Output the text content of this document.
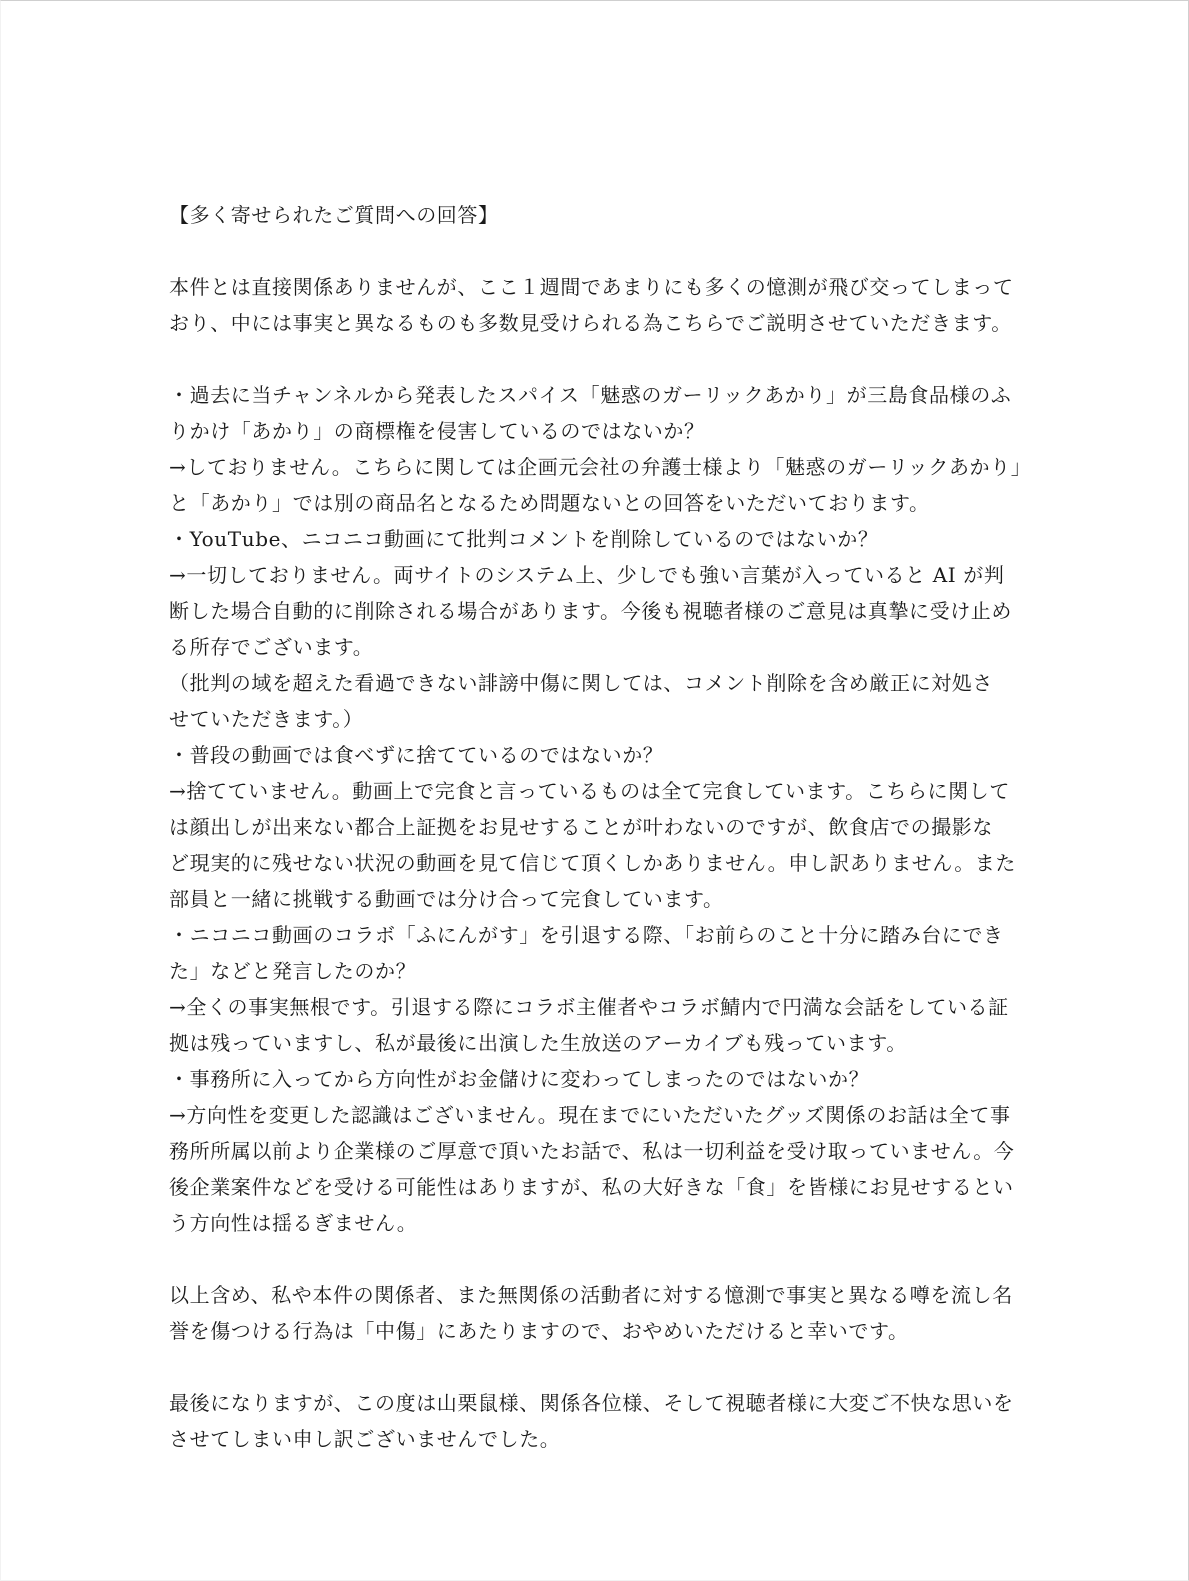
【多く寄せられたご質問への回答】
本件とは直接関係ありませんが、ここ１週間であまりにも多くの憶測が飛び交ってしまって
おり、中には事実と異なるものも多数見受けられる為こちらでご説明させていただきます。
・過去に当チャンネルから発表したスパイス「魅惑のガーリックあかり」が三島食品様のふ
りかけ「あかり」の商標権を侵害しているのではないか？
→しておりません。こちらに関しては企画元会社の弁護士様より「魅惑のガーリックあかり」
と「あかり」では別の商品名となるため問題ないとの回答をいただいております。
・YouTube、ニコニコ動画にて批判コメントを削除しているのではないか？
→一切しておりません。両サイトのシステム上、少しでも強い言葉が入っていると AI が判
断した場合自動的に削除される場合があります。今後も視聴者様のご意見は真摯に受け止め
る所存でございます。
（批判の域を超えた看過できない誹謗中傷に関しては、コメント削除を含め厳正に対処さ
せていただきます。）
・普段の動画では食べずに捨てているのではないか？
→捨てていません。動画上で完食と言っているものは全て完食しています。こちらに関して
は顔出しが出来ない都合上証拠をお見せすることが叶わないのですが、飲食店での撮影な
ど現実的に残せない状況の動画を見て信じて頂くしかありません。申し訳ありません。また
部員と一緒に挑戦する動画では分け合って完食しています。
・ニコニコ動画のコラボ「ふにんがす」を引退する際、「お前らのこと十分に踏み台にでき
た」などと発言したのか？
→全くの事実無根です。引退する際にコラボ主催者やコラボ鯖内で円満な会話をしている証
拠は残っていますし、私が最後に出演した生放送のアーカイブも残っています。
・事務所に入ってから方向性がお金儲けに変わってしまったのではないか？
→方向性を変更した認識はございません。現在までにいただいたグッズ関係のお話は全て事
務所所属以前より企業様のご厚意で頂いたお話で、私は一切利益を受け取っていません。今
後企業案件などを受ける可能性はありますが、私の大好きな「食」を皆様にお見せするとい
う方向性は揺るぎません。
以上含め、私や本件の関係者、また無関係の活動者に対する憶測で事実と異なる噂を流し名
誉を傷つける行為は「中傷」にあたりますので、おやめいただけると幸いです。
最後になりますが、この度は山栗鼠様、関係各位様、そして視聴者様に大変ご不快な思いを
させてしまい申し訳ございませんでした。
